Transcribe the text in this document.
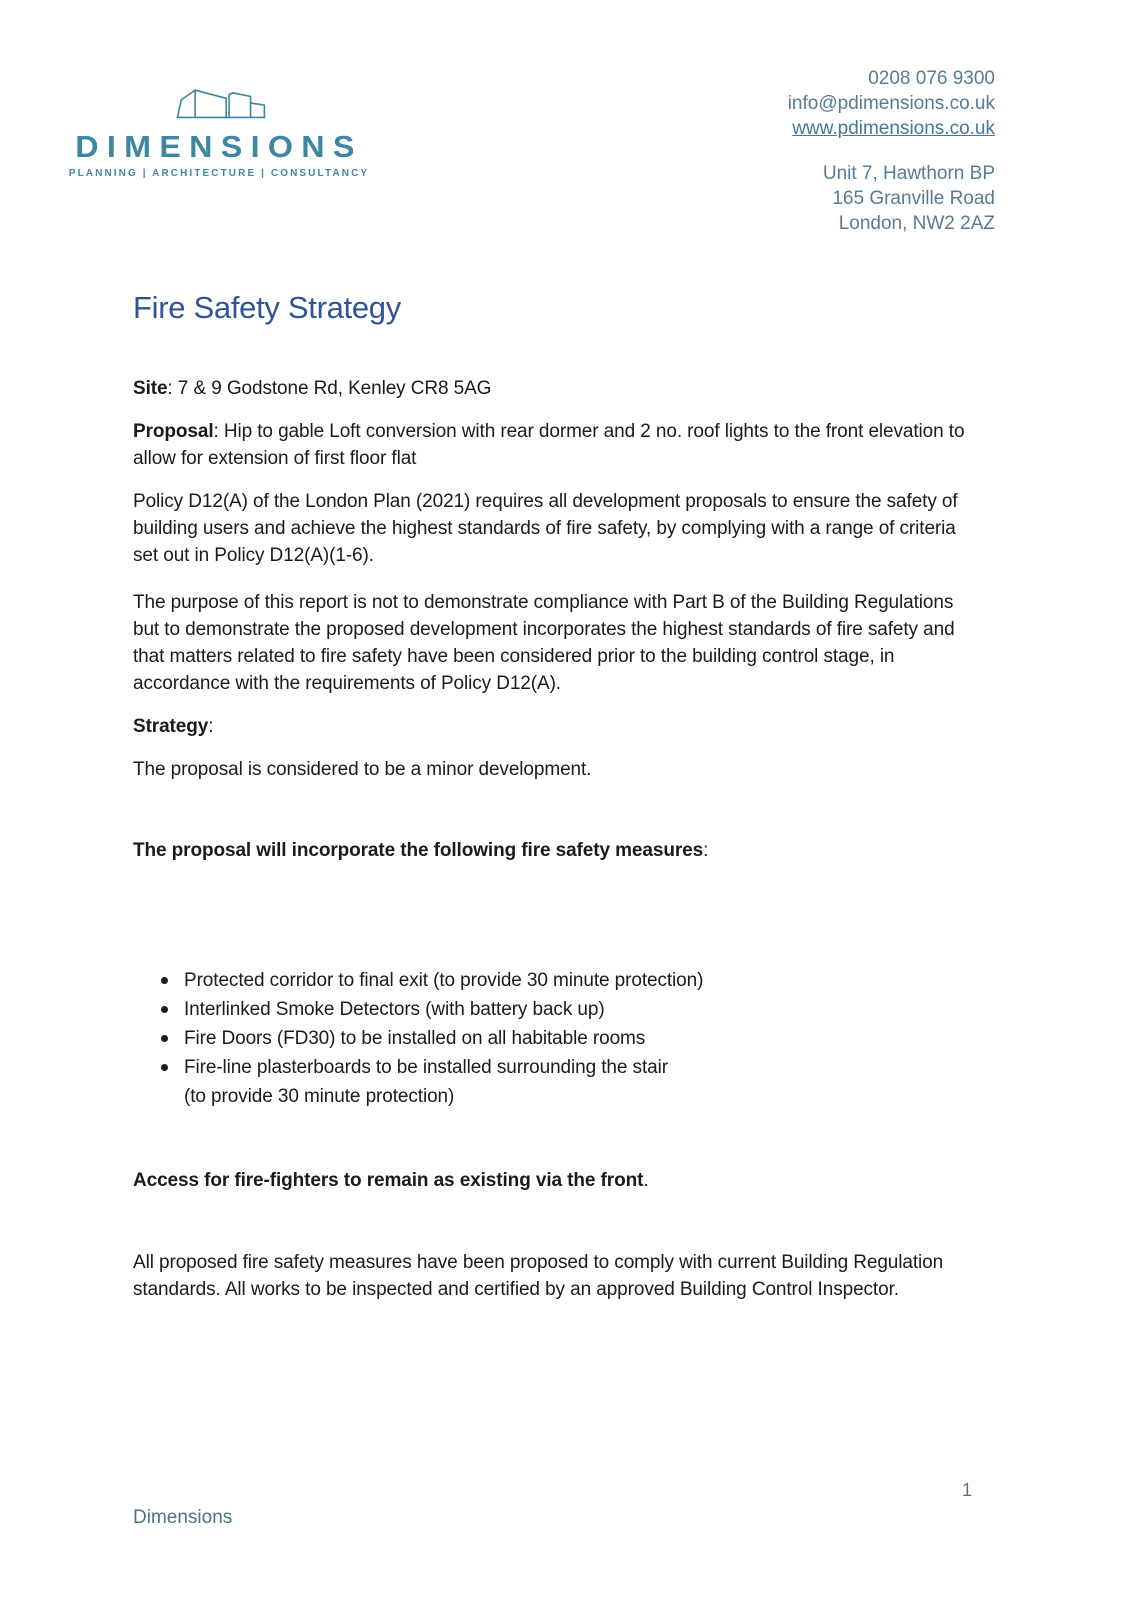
DIMENSIONS
PLANNING | ARCHITECTURE | CONSULTANCY
0208 076 9300
info@pdimensions.co.uk
www.pdimensions.co.uk
Unit 7, Hawthorn BP
165 Granville Road
London, NW2 2AZ
Fire Safety Strategy

Site: 7 & 9 Godstone Rd, Kenley CR8 5AG

Proposal: Hip to gable Loft conversion with rear dormer and 2 no. roof lights to the front elevation to allow for extension of first floor flat

Policy D12(A) of the London Plan (2021) requires all development proposals to ensure the safety of building users and achieve the highest standards of fire safety, by complying with a range of criteria set out in Policy D12(A)(1-6).

The purpose of this report is not to demonstrate compliance with Part B of the Building Regulations but to demonstrate the proposed development incorporates the highest standards of fire safety and that matters related to fire safety have been considered prior to the building control stage, in accordance with the requirements of Policy D12(A).

Strategy:

The proposal is considered to be a minor development.

The proposal will incorporate the following fire safety measures:

Protected corridor to final exit (to provide 30 minute protection)
Interlinked Smoke Detectors (with battery back up)
Fire Doors (FD30) to be installed on all habitable rooms
Fire-line plasterboards to be installed surrounding the stair
(to provide 30 minute protection)

Access for fire-fighters to remain as existing via the front.

All proposed fire safety measures have been proposed to comply with current Building Regulation standards. All works to be inspected and certified by an approved Building Control Inspector.

1
Dimensions
